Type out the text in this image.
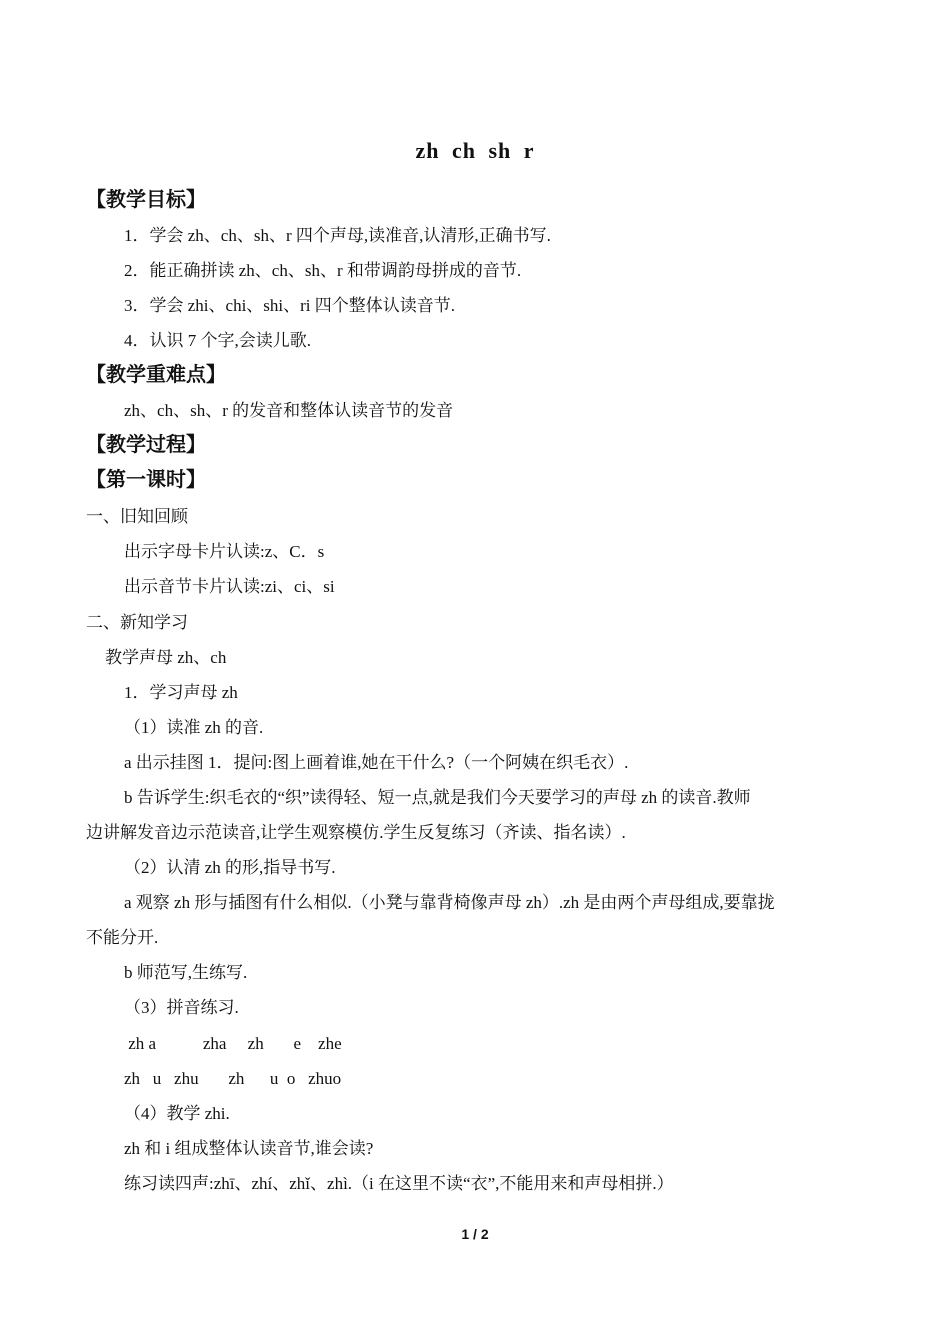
zh ch sh r
【教学目标】
1．学会 zh、ch、sh、r 四个声母,读准音,认清形,正确书写.
2．能正确拼读 zh、ch、sh、r 和带调韵母拼成的音节.
3．学会 zhi、chi、shi、ri 四个整体认读音节.
4．认识 7 个字,会读儿歌.
【教学重难点】
zh、ch、sh、r 的发音和整体认读音节的发音
【教学过程】
【第一课时】
一、旧知回顾
出示字母卡片认读:z、C．s
出示音节卡片认读:zi、ci、si
二、新知学习
教学声母 zh、ch
1．学习声母 zh
（1）读准 zh 的音.
a 出示挂图 1．提问:图上画着谁,她在干什么?（一个阿姨在织毛衣）.
b 告诉学生:织毛衣的“织”读得轻、短一点,就是我们今天要学习的声母 zh 的读音.教师
边讲解发音边示范读音,让学生观察模仿.学生反复练习（齐读、指名读）.
（2）认清 zh 的形,指导书写.
a 观察 zh 形与插图有什么相似.（小凳与靠背椅像声母 zh）.zh 是由两个声母组成,要靠拢
不能分开.
b 师范写,生练写.
（3）拼音练习.
zh a           zha     zh       e    zhe
zh   u   zhu       zh      u  o   zhuo
（4）教学 zhi.
zh 和 i 组成整体认读音节,谁会读?
练习读四声:zhī、zhí、zhǐ、zhì.（i 在这里不读“衣”,不能用来和声母相拼.）
1 / 2
